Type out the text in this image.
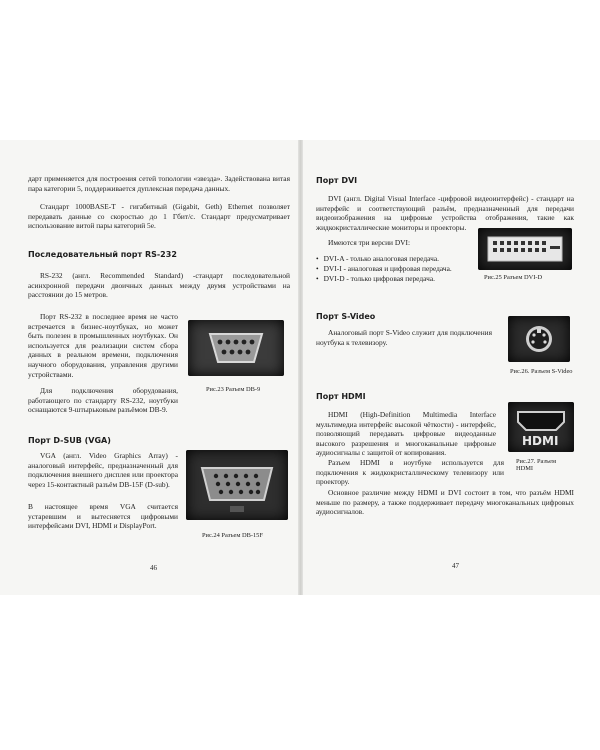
дарт применяется для построения сетей топологии «звезда». Задействована витая пара категории 5, поддерживается дуплексная передача данных.

Стандарт 1000BASE-T - гигабитный (Gigabit, Geth) Ethernet позволяет передавать данные со скоростью до 1 Гбит/с. Стандарт предусматривает использование витой пары категорий 5е.

Последовательный порт RS-232

RS-232 (англ. Recommended Standard) -стандарт последовательной асинхронной передачи двоичных данных между двумя устройствами на расстоянии до 15 метров.

Порт RS-232 в последнее время не часто встречается в бизнес-ноутбуках, но может быть полезен в промышленных ноутбуках. Он используется для реализации систем сбора данных в реальном времени, подключения научного оборудования, управления другими устройствами.

Рис.23 Разъем DB-9

Для подключения оборудования, работающего по стандарту RS-232, ноутбуки оснащаются 9-штырьковым разъёмом DB-9.

Порт D-SUB (VGA)

VGA (англ. Video Graphics Array) - аналоговый интерфейс, предназначенный для подключения внешнего дисплея или проектора через 15-контактный разъём DB-15F (D-sub).

В настоящее время VGA считается устаревшим и вытесняется цифровыми интерфейсами DVI, HDMI и DisplayPort.

Рис.24 Разъем DB-15F

46

Порт DVI

DVI (англ. Digital Visual Interface -цифровой видеоинтерфейс) - стандарт на интерфейс и соответствующий разъём, предназначенный для передачи видеоизображения на цифровые устройства отображения, такие как жидкокристаллические мониторы и проекторы.

Имеются три версии DVI:

• DVI-A - только аналоговая передача.
• DVI-I - аналоговая и цифровая передача.
• DVI-D - только цифровая передача.	Рис.25 Разъем DVI-D

Порт S-Video

Аналоговый порт S-Video служит для подключения ноутбука к телевизору.

Рис.26. Разъем S-Video

Порт HDMI

HDMI (High-Definition Multimedia Interface мультимедиа интерфейс высокой чёткости) - интерфейс, позволяющий передавать цифровые видеоданные высокого разрешения и многоканальные цифровые аудиосигналы с защитой от копирования.

HDMI

Рис.27. Разъем HDMI

Разъем HDMI в ноутбуке используется для подключения к жидкокристаллическому телевизору или проектору.

Основное различие между HDMI и DVI состоит в том, что разъём HDMI меньше по размеру, а также поддерживает передачу многоканальных цифровых аудиосигналов.

47
